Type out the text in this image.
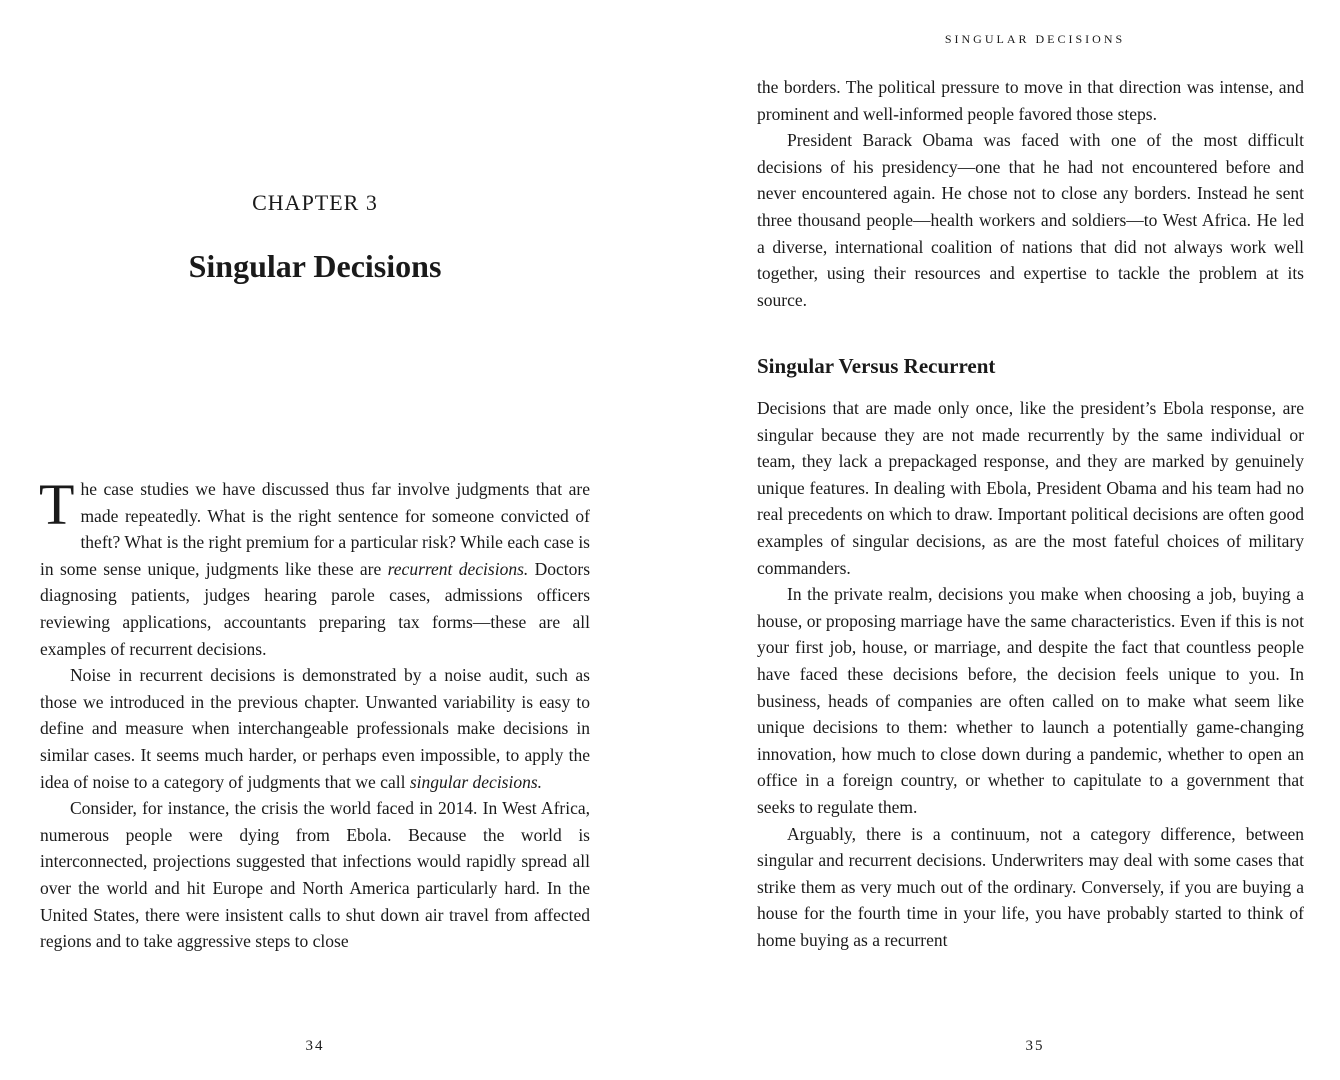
CHAPTER 3
Singular Decisions

The case studies we have discussed thus far involve judgments that are made repeatedly. What is the right sentence for someone convicted of theft? What is the right premium for a particular risk? While each case is in some sense unique, judgments like these are recurrent decisions. Doctors diagnosing patients, judges hearing parole cases, admissions officers reviewing applications, accountants preparing tax forms—these are all examples of recurrent decisions.

Noise in recurrent decisions is demonstrated by a noise audit, such as those we introduced in the previous chapter. Unwanted variability is easy to define and measure when interchangeable professionals make decisions in similar cases. It seems much harder, or perhaps even impossible, to apply the idea of noise to a category of judgments that we call singular decisions.

Consider, for instance, the crisis the world faced in 2014. In West Africa, numerous people were dying from Ebola. Because the world is interconnected, projections suggested that infections would rapidly spread all over the world and hit Europe and North America particularly hard. In the United States, there were insistent calls to shut down air travel from affected regions and to take aggressive steps to close

34
SINGULAR DECISIONS

the borders. The political pressure to move in that direction was intense, and prominent and well-informed people favored those steps.

President Barack Obama was faced with one of the most difficult decisions of his presidency—one that he had not encountered before and never encountered again. He chose not to close any borders. Instead he sent three thousand people—health workers and soldiers—to West Africa. He led a diverse, international coalition of nations that did not always work well together, using their resources and expertise to tackle the problem at its source.

Singular Versus Recurrent

Decisions that are made only once, like the president’s Ebola response, are singular because they are not made recurrently by the same individual or team, they lack a prepackaged response, and they are marked by genuinely unique features. In dealing with Ebola, President Obama and his team had no real precedents on which to draw. Important political decisions are often good examples of singular decisions, as are the most fateful choices of military commanders.

In the private realm, decisions you make when choosing a job, buying a house, or proposing marriage have the same characteristics. Even if this is not your first job, house, or marriage, and despite the fact that countless people have faced these decisions before, the decision feels unique to you. In business, heads of companies are often called on to make what seem like unique decisions to them: whether to launch a potentially game-changing innovation, how much to close down during a pandemic, whether to open an office in a foreign country, or whether to capitulate to a government that seeks to regulate them.

Arguably, there is a continuum, not a category difference, between singular and recurrent decisions. Underwriters may deal with some cases that strike them as very much out of the ordinary. Conversely, if you are buying a house for the fourth time in your life, you have probably started to think of home buying as a recurrent

35
